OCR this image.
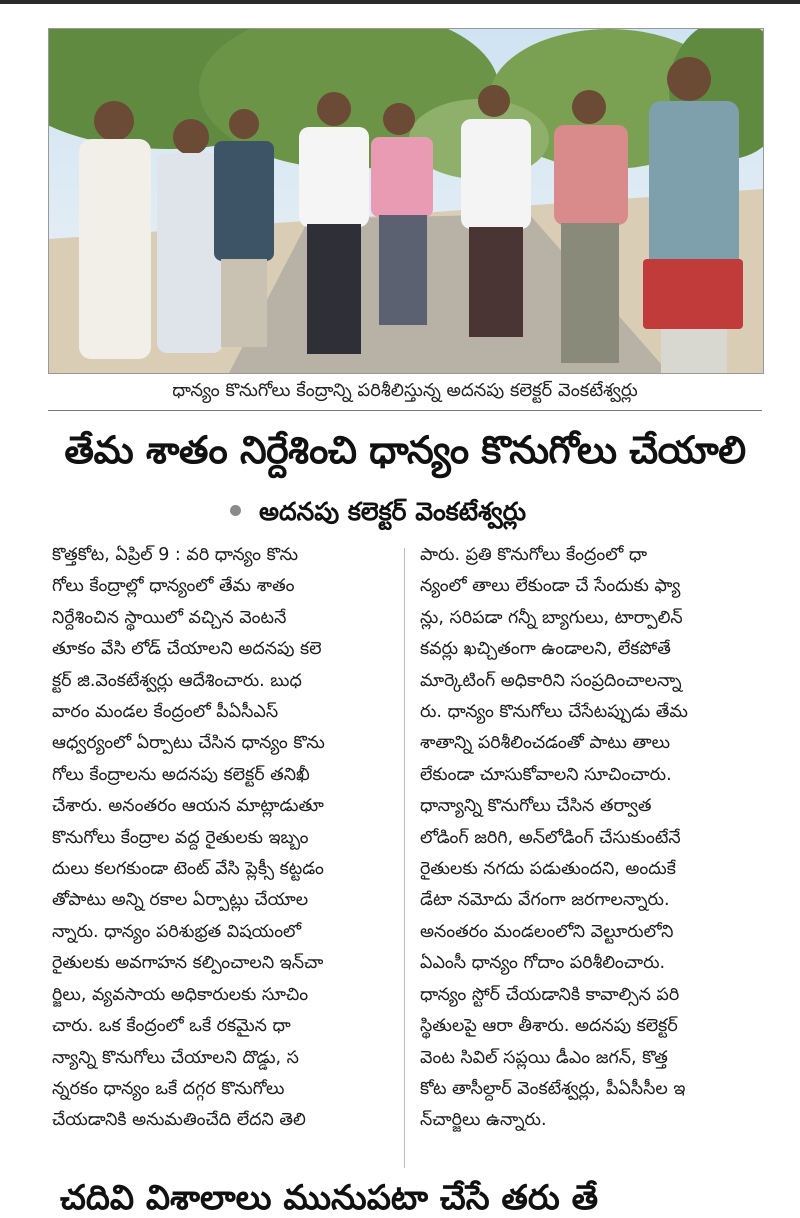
ధాన్యం కొనుగోలు కేంద్రాన్ని పరిశీలిస్తున్న అదనపు కలెక్టర్ వెంకటేశ్వర్లు
తేమ శాతం నిర్దేశించి ధాన్యం కొనుగోలు చేయాలి
అదనపు కలెక్టర్ వెంకటేశ్వర్లు
కొత్తకోట, ఏప్రిల్ 9 : వరి ధాన్యం కొను
గోలు కేంద్రాల్లో ధాన్యంలో తేమ శాతం
నిర్దేశించిన స్థాయిలో వచ్చిన వెంటనే
తూకం వేసి లోడ్ చేయాలని అదనపు కలె
క్టర్ జి.వెంకటేశ్వర్లు ఆదేశించారు. బుధ
వారం మండల కేంద్రంలో పీఏసీఎస్
ఆధ్వర్యంలో ఏర్పాటు చేసిన ధాన్యం కొను
గోలు కేంద్రాలను అదనపు కలెక్టర్ తనిఖీ
చేశారు. అనంతరం ఆయన మాట్లాడుతూ
కొనుగోలు కేంద్రాల వద్ద రైతులకు ఇబ్బం
దులు కలగకుండా టెంట్ వేసి ప్లెక్సీ కట్టడం
తోపాటు అన్ని రకాల ఏర్పాట్లు చేయాల
న్నారు. ధాన్యం పరిశుభ్రత విషయంలో
రైతులకు అవగాహన కల్పించాలని ఇన్‌చా
ర్జిలు, వ్యవసాయ అధికారులకు సూచిం
చారు. ఒక కేంద్రంలో ఒకే రకమైన ధా
న్యాన్ని కొనుగోలు చేయాలని దొడ్డు, స
న్నరకం ధాన్యం ఒకే దగ్గర కొనుగోలు
చేయడానికి అనుమతించేది లేదని తెలి
పారు. ప్రతి కొనుగోలు కేంద్రంలో ధా
న్యంలో తాలు లేకుండా చే సేందుకు ఫ్యా
న్లు, సరిపడా గన్నీ బ్యాగులు, టార్పాలిన్
కవర్లు ఖచ్చితంగా ఉండాలని, లేకపోతే
మార్కెటింగ్ అధికారిని సంప్రదించాలన్నా
రు. ధాన్యం కొనుగోలు చేసేటప్పుడు తేమ
శాతాన్ని పరిశీలించడంతో పాటు తాలు
లేకుండా చూసుకోవాలని సూచించారు.
ధాన్యాన్ని కొనుగోలు చేసిన తర్వాత
లోడింగ్ జరిగి, అన్‌లోడింగ్ చేసుకుంటేనే
రైతులకు నగదు పడుతుందని, అందుకే
డేటా నమోదు వేగంగా జరగాలన్నారు.
అనంతరం మండలంలోని వెల్టూరులోని
ఏఎంసీ ధాన్యం గోదాం పరిశీలించారు.
ధాన్యం స్టోర్ చేయడానికి కావాల్సిన పరి
స్థితులపై ఆరా తీశారు. అదనపు కలెక్టర్
వెంట సివిల్ సప్లయి డీఎం జగన్, కొత్త
కోట తాసీల్దార్ వెంకటేశ్వర్లు, పీఏసీసీల ఇ
న్‌చార్జిలు ఉన్నారు.
చదివి విశాలాలు మునుపటా చేసే తరు తే
